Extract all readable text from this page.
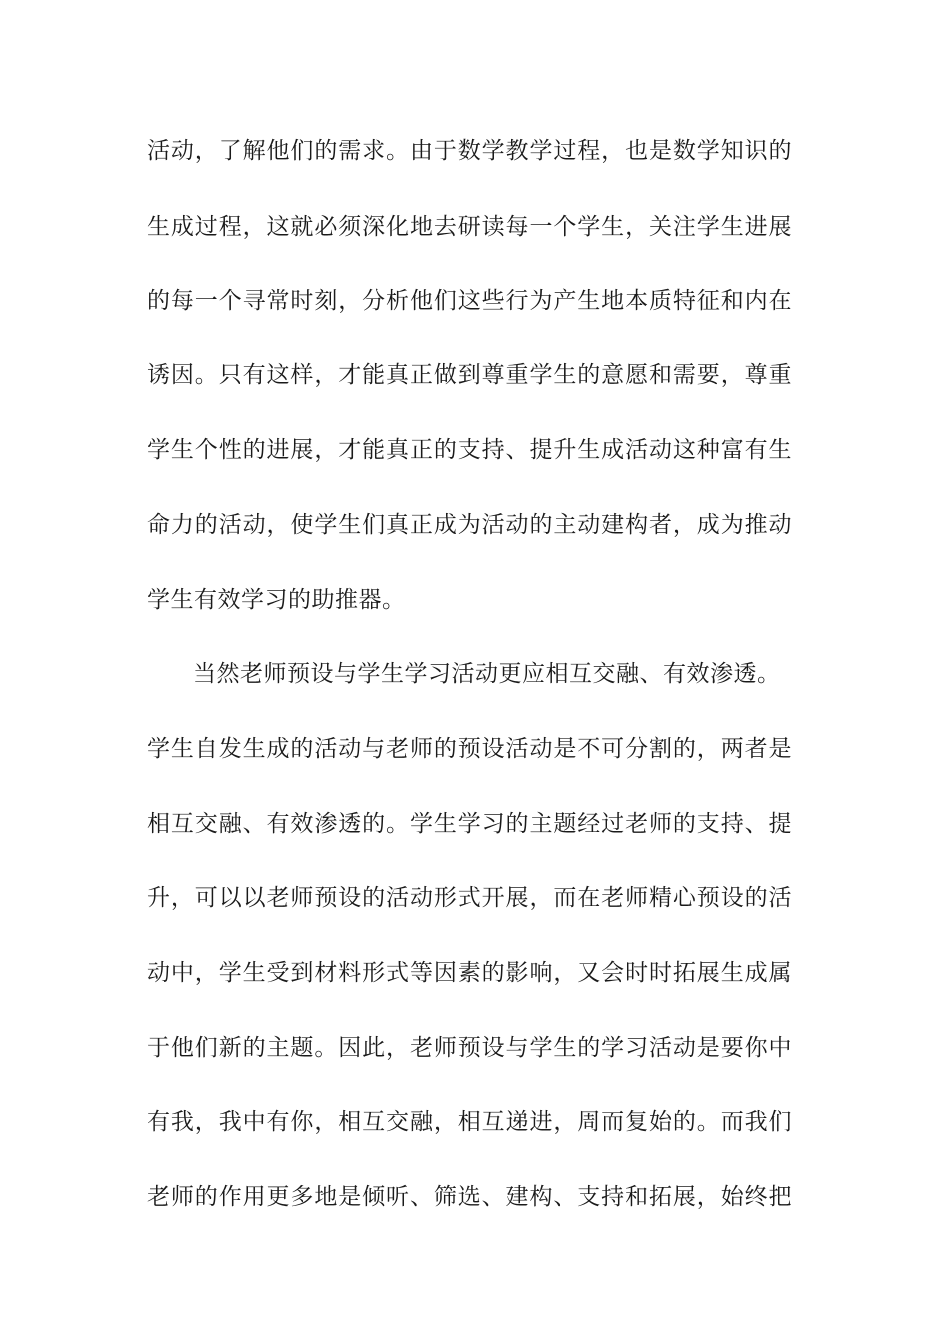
活动，了解他们的需求。由于数学教学过程，也是数学知识的
生成过程，这就必须深化地去研读每一个学生，关注学生进展
的每一个寻常时刻，分析他们这些行为产生地本质特征和内在
诱因。只有这样，才能真正做到尊重学生的意愿和需要，尊重
学生个性的进展，才能真正的支持、提升生成活动这种富有生
命力的活动，使学生们真正成为活动的主动建构者，成为推动
学生有效学习的助推器。
当然老师预设与学生学习活动更应相互交融、有效渗透。
学生自发生成的活动与老师的预设活动是不可分割的，两者是
相互交融、有效渗透的。学生学习的主题经过老师的支持、提
升，可以以老师预设的活动形式开展，而在老师精心预设的活
动中，学生受到材料形式等因素的影响，又会时时拓展生成属
于他们新的主题。因此，老师预设与学生的学习活动是要你中
有我，我中有你，相互交融，相互递进，周而复始的。而我们
老师的作用更多地是倾听、筛选、建构、支持和拓展，始终把
